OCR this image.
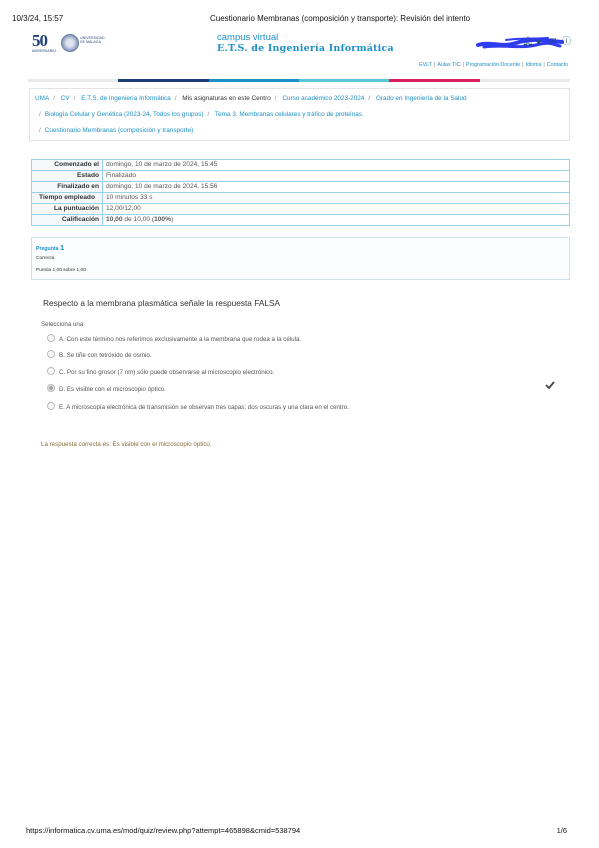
10/3/24, 15:57	Cuestionario Membranas (composición y transporte): Revisión del intento
50
ANIVERSARIO
UNIVERSIDAD DE MÁLAGA	campus virtual
E.T.S. de Ingeniería Informática
🔔︎ ● ✉ ⓘ
EVLT | Aulas TIC | Programación Docente | Idioma | Contacto
UMA / CV / E.T.S. de Ingeniería Informática / Mis asignaturas en este Centro / Curso académico 2023-2024 / Grado en Ingeniería de la Salud
/ Biología Celular y Genética (2023-24, Todos los grupos) / Tema 3. Membranas celulares y tráfico de proteínas.
/ Cuestionario Membranas (composición y transporte)
Comenzado el	domingo, 10 de marzo de 2024, 15:45
Estado	Finalizado
Finalizado en	domingo, 10 de marzo de 2024, 15:56
Tiempo empleado	10 minutos 33 s
La puntuación	12,00/12,00
Calificación	10,00 de 10,00 (100%)
Pregunta 1
Correcta
Puntúa 1,00 sobre 1,00
Respecto a la membrana plasmática señale la respuesta FALSA
Selecciona una:
A. Con este término nos referimos exclusivamente a la membrana que rodea a la célula.
B. Se tiñe con tetróxido de osmio.
C. Por su fino grosor (7 nm) sólo puede observarse al microscopio electrónico.
D. Es visible con el microscopio óptico.
E. A microscopía electrónica de transmisión se observan tres capas; dos oscuras y una clara en el centro.
La respuesta correcta es: Es visible con el microscopio óptico.
https://informatica.cv.uma.es/mod/quiz/review.php?attempt=465898&cmid=538794	1/6
